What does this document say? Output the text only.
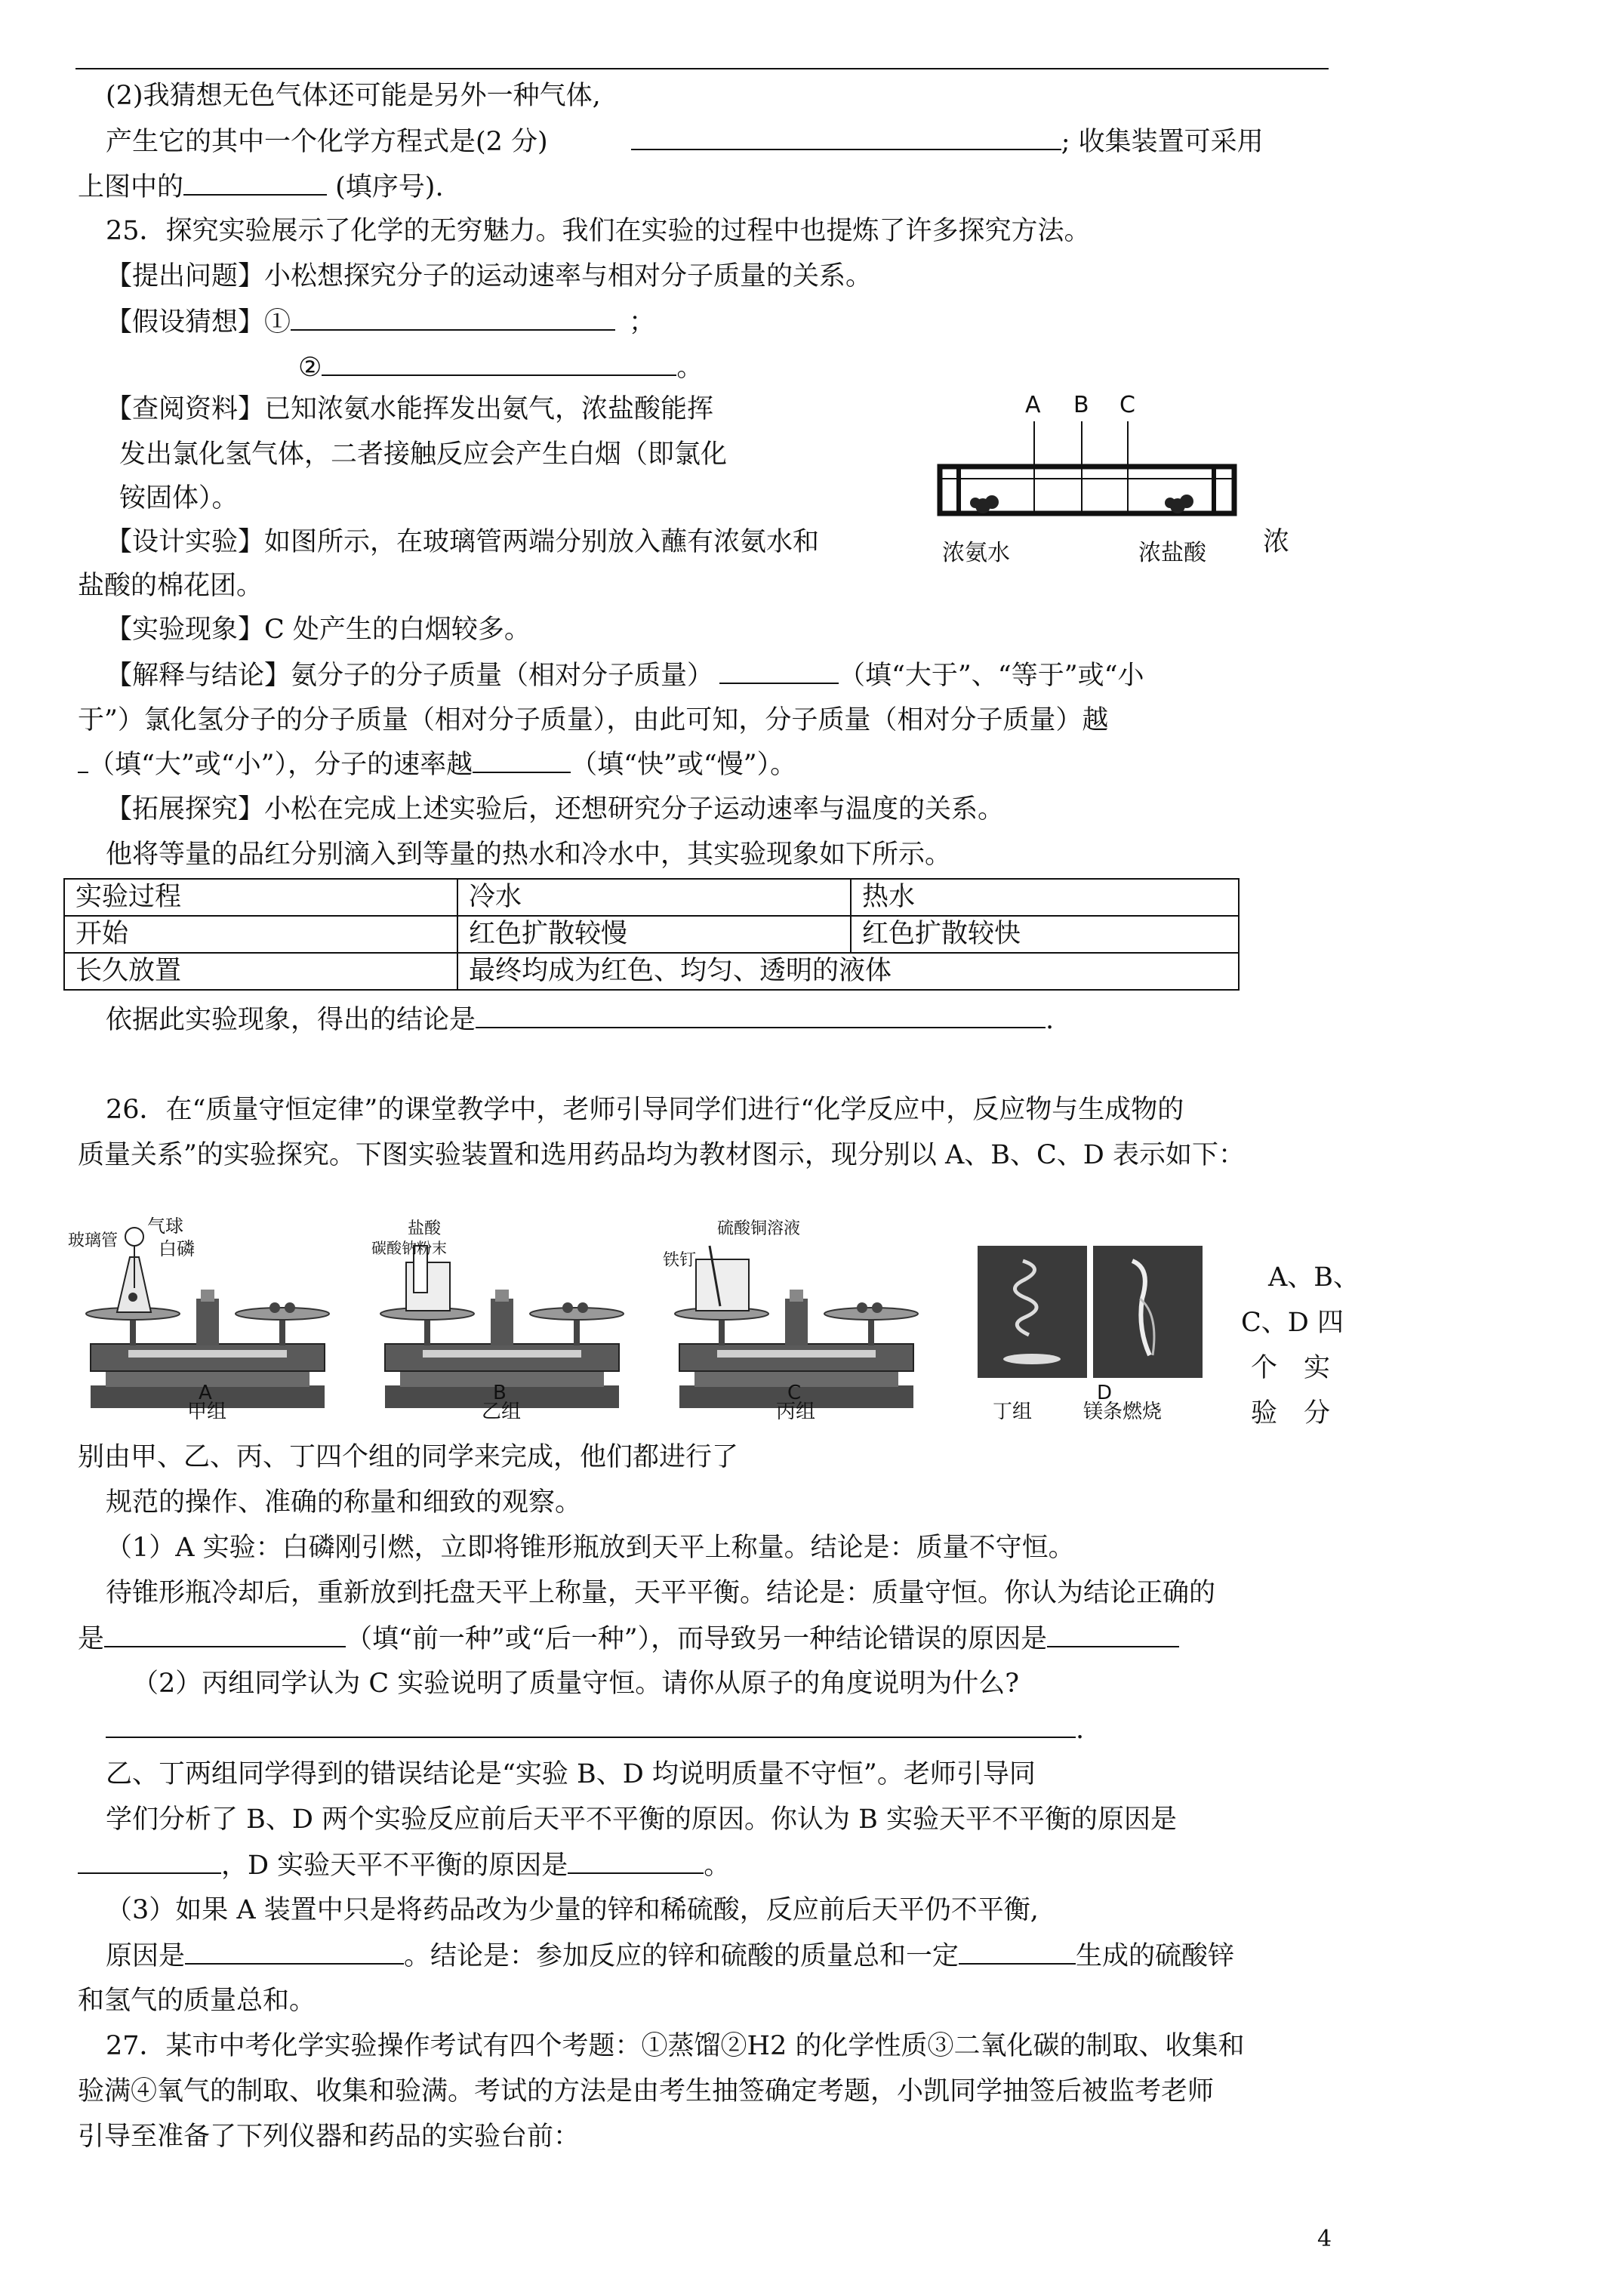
(2)我猜想无色气体还可能是另外一种气体,
产生它的其中一个化学方程式是(2 分)	; 收集装置可采用
上图中的	(填序号).
25．探究实验展示了化学的无穷魅力。我们在实验的过程中也提炼了许多探究方法。
【提出问题】小松想探究分子的运动速率与相对分子质量的关系。
【假设猜想】①	；
②	。
【查阅资料】已知浓氨水能挥发出氨气，浓盐酸能挥
发出氯化氢气体，二者接触反应会产生白烟（即氯化
铵固体）。
【设计实验】如图所示，在玻璃管两端分别放入蘸有浓氨水和
盐酸的棉花团。
A B C
浓氨水	浓盐酸 浓
【实验现象】C 处产生的白烟较多。
【解释与结论】氨分子的分子质量（相对分子质量）	（填“大于”、“等于”或“小
于”）氯化氢分子的分子质量（相对分子质量），由此可知，分子质量（相对分子质量）越
（填“大”或“小”），分子的速率越	（填“快”或“慢”）。
【拓展探究】小松在完成上述实验后，还想研究分子运动速率与温度的关系。
他将等量的品红分别滴入到等量的热水和冷水中，其实验现象如下所示。
实验过程	冷水	热水
开始	红色扩散较慢	红色扩散较快
长久放置	最终均成为红色、均匀、透明的液体	
依据此实验现象，得出的结论是	.
26．在“质量守恒定律”的课堂教学中，老师引导同学们进行“化学反应中，反应物与生成物的
质量关系”的实验探究。下图实验装置和选用药品均为教材图示，现分别以 A、B、C、D 表示如下：
玻璃管
气球
白磷
A
甲组
盐酸
碳酸钠粉末
B
乙组
铁钉
硫酸铜溶液
C
丙组	丁组
D
镁条燃烧
A、B、
C、D 四
个　实
验　分
别由甲、乙、丙、丁四个组的同学来完成，他们都进行了
规范的操作、准确的称量和细致的观察。
（1）A 实验：白磷刚引燃，立即将锥形瓶放到天平上称量。结论是：质量不守恒。
待锥形瓶冷却后，重新放到托盘天平上称量，天平平衡。结论是：质量守恒。你认为结论正确的
是	（填“前一种”或“后一种”），而导致另一种结论错误的原因是
（2）丙组同学认为 C 实验说明了质量守恒。请你从原子的角度说明为什么?
.
乙、丁两组同学得到的错误结论是“实验 B、D 均说明质量不守恒”。老师引导同
学们分析了 B、D 两个实验反应前后天平不平衡的原因。你认为 B 实验天平不平衡的原因是
，D 实验天平不平衡的原因是	。
（3）如果 A 装置中只是将药品改为少量的锌和稀硫酸，反应前后天平仍不平衡,
原因是	。结论是：参加反应的锌和硫酸的质量总和一定	生成的硫酸锌
和氢气的质量总和。
27．某市中考化学实验操作考试有四个考题：①蒸馏②H2 的化学性质③二氧化碳的制取、收集和
验满④氧气的制取、收集和验满。考试的方法是由考生抽签确定考题，小凯同学抽签后被监考老师
引导至准备了下列仪器和药品的实验台前：
4
